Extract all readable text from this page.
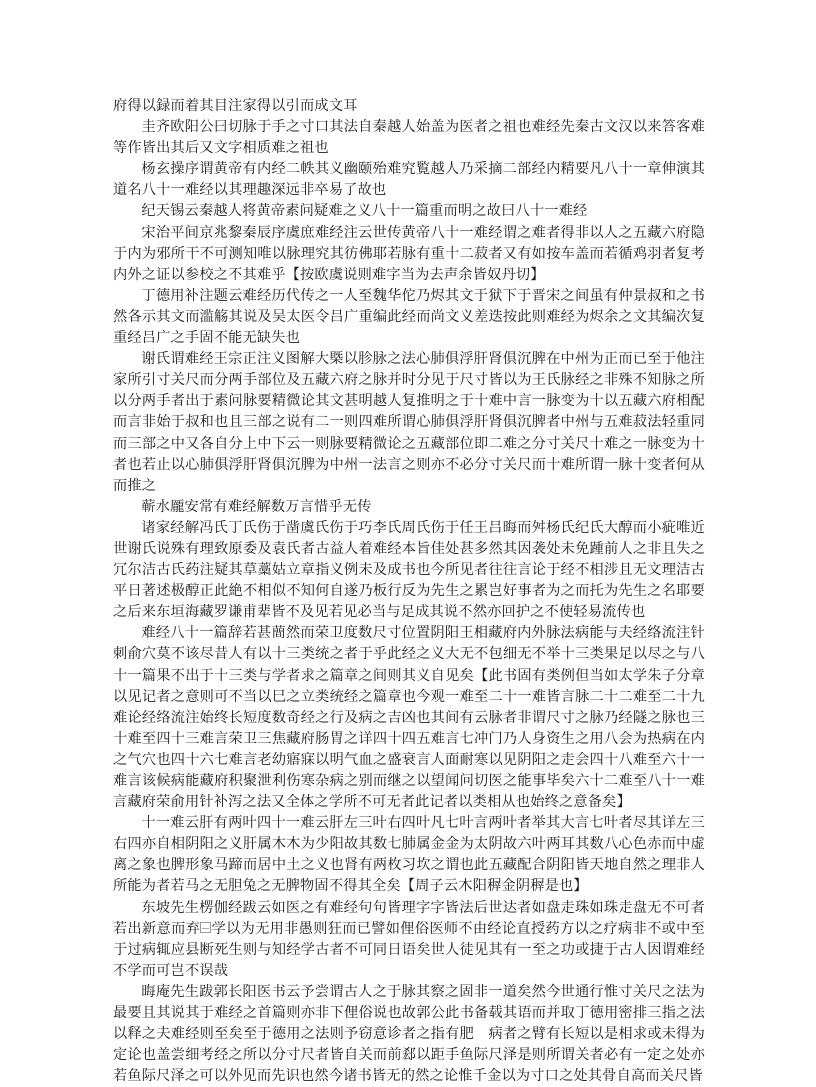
府得以録而着其目注家得以引而成文耳

圭齐欧阳公曰切脉于手之寸口其法自秦越人始盖为医者之祖也难经先秦古文汉以来答客难等作皆出其后又文字相质难之祖也

杨玄操序谓黄帝有内经二帙其义幽颐殆难究覧越人乃采摘二部经内精要凡八十一章伸演其道名八十一难经以其理趣深远非卒易了故也

纪天锡云秦越人将黄帝素问疑难之义八十一篇重而明之故曰八十一难经

宋治平间京兆黎秦辰序虞庶难经注云世传黄帝八十一难经谓之难者得非以人之五藏六府隐于内为邪所干不可测知唯以脉理究其彷佛耶若脉有重十二菽者又有如按车盖而若循鸡羽者复考内外之证以参校之不其难乎【按欧虞说则难字当为去声余皆奴丹切】

丁德用补注题云难经历代传之一人至魏华佗乃烬其文于狱下于晋宋之间虽有仲景叔和之书然各示其文而滥觞其说及吴太医令吕广重编此经而尚文义差迭按此则难经为烬余之文其编次复重经吕广之手固不能无缺失也

谢氏谓难经王宗正注义图解大槩以胗脉之法心肺俱浮肝肾俱沉脾在中州为正而已至于他注家所引寸关尺而分两手部位及五藏六府之脉并时分见于尺寸皆以为王氏脉经之非殊不知脉之所以分两手者出于素问脉要精微论其文甚明越人复推明之于十难中言一脉变为十以五藏六府相配而言非始于叔和也且三部之说有二一则四难所谓心肺俱浮肝肾俱沉脾者中州与五难菽法轻重同而三部之中又各自分上中下云一则脉要精微论之五藏部位即二难之分寸关尺十难之一脉变为十者也若止以心肺俱浮肝肾俱沉脾为中州一法言之则亦不必分寸关尺而十难所谓一脉十变者何从而推之

蕲水龎安常有难经解数万言惜乎无传

诸家经解冯氏丁氏伤于凿虞氏伤于巧李氏周氏伤于任王吕晦而舛杨氏纪氏大醇而小疵唯近世谢氏说殊有理致原委及袁氏者古益人着难经本旨佳处甚多然其因袭处未免踵前人之非且失之冗尔洁古氏药注疑其草藁姑立章指义例未及成书也今所见者往往言论于经不相涉且无文理洁古平日著述极醇正此絶不相似不知何自遂乃板行反为先生之累岂好事者为之而托为先生之名耶要之后来东垣海藏罗谦甫辈皆不及见若见必当与足成其说不然亦回护之不使轻易流传也

难经八十一篇辞若甚蕳然而荣卫度数尺寸位置阴阳王相藏府内外脉法病能与夫经络流注针刺俞穴莫不该尽昔人有以十三类统之者于乎此经之义大无不包细无不举十三类果足以尽之与八十一篇果不出于十三类与学者求之篇章之间则其义自见矣【此书固有类例但当如太学朱子分章以见记者之意则可不当以巳之立类统经之篇章也今观一难至二十一难皆言脉二十二难至二十九难论经络流注始终长短度数奇经之行及病之吉凶也其间有云脉者非谓尺寸之脉乃经隧之脉也三十难至四十三难言荣卫三焦藏府肠胃之详四十四五难言七冲门乃人身资生之用八会为热病在内之气穴也四十六七难言老幼寤寐以明气血之盛衰言人面耐寒以见阴阳之走会四十八难至六十一难言该候病能藏府积聚泄利伤寒杂病之别而继之以望闻问切医之能事毕矣六十二难至八十一难言藏府荣俞用针补泻之法又全体之学所不可无者此记者以类相从也始终之意备矣】

十一难云肝有两叶四十一难云肝左三叶右四叶凡七叶言两叶者举其大言七叶者尽其详左三右四亦自相阴阳之义肝属木木为少阳故其数七肺属金金为太阴故六叶两耳其数八心色赤而中虚离之象也脾形象马蹄而居中土之义也肾有两枚习坎之谓也此五藏配合阴阳皆天地自然之理非人所能为者若马之无胆兔之无脾物固不得其全矣【周子云木阳稺金阴稺是也】

东坡先生楞伽经跋云如医之有难经句句皆理字字皆法后世达者如盘走珠如珠走盘无不可者若出新意而弃 学以为无用非愚则狂而已譬如俚俗医师不由经论直授药方以之疗病非不或中至于过病辄应县断死生则与知经学古者不可同日语矣世人徒见其有一至之功或捷于古人因谓难经不学而可岂不误哉

晦庵先生跋郭长阳医书云予尝谓古人之于脉其察之固非一道矣然今世通行惟寸关尺之法为最要且其说其于难经之首篇则亦非下俚俗说也故郭公此书备载其语而并取丁德用密排三指之法以释之夫难经则至矣至于德用之法则予窃意诊者之指有肥　病者之臂有长短以是相求或未得为定论也盖尝细考经之所以分寸尺者皆自关而前郄以距手鱼际尺泽是则所谓关者必有一定之处亦若鱼际尺泽之可以外见而先识也然今诸书皆无的然之论惟千金以为寸口之处其骨自高而关尺皆
